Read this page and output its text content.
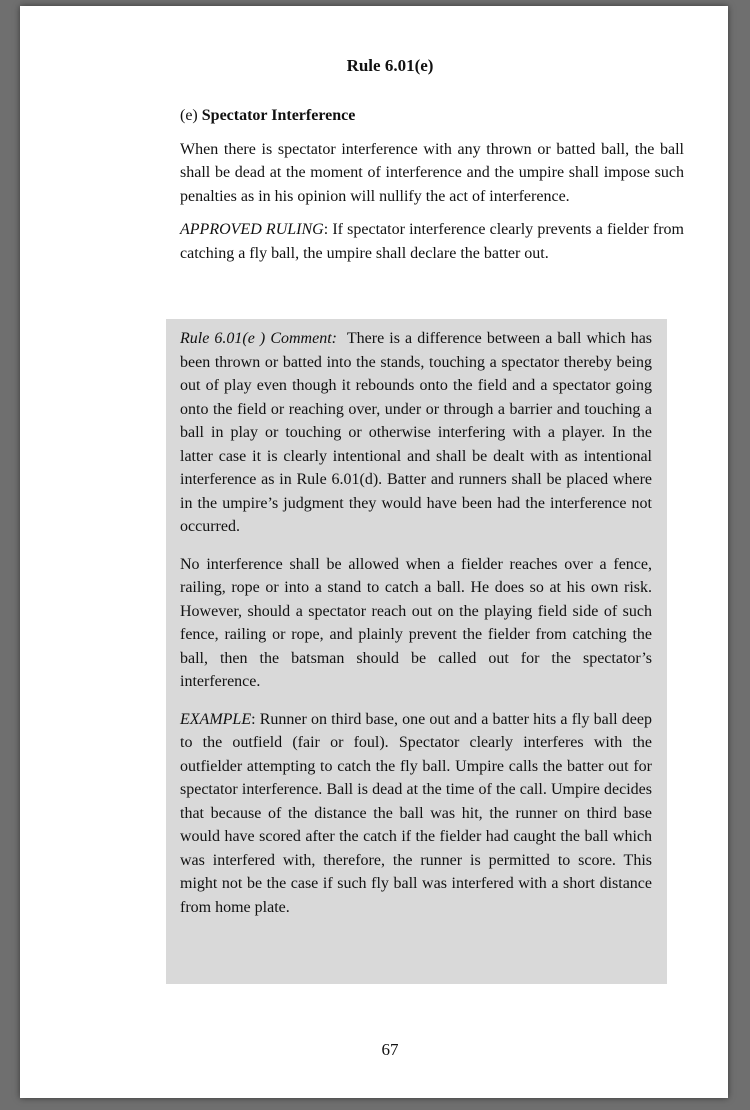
Rule 6.01(e)
(e) Spectator Interference

When there is spectator interference with any thrown or batted ball, the ball shall be dead at the moment of interference and the umpire shall impose such penalties as in his opinion will nullify the act of interference.

APPROVED RULING: If spectator interference clearly prevents a fielder from catching a fly ball, the umpire shall declare the batter out.

Rule 6.01(e ) Comment: There is a difference between a ball which has been thrown or batted into the stands, touching a spectator thereby being out of play even though it rebounds onto the field and a spectator going onto the field or reaching over, under or through a barrier and touching a ball in play or touching or otherwise interfering with a player. In the latter case it is clearly intentional and shall be dealt with as intentional interference as in Rule 6.01(d). Batter and runners shall be placed where in the umpire’s judgment they would have been had the interference not occurred.

No interference shall be allowed when a fielder reaches over a fence, railing, rope or into a stand to catch a ball. He does so at his own risk. However, should a spectator reach out on the playing field side of such fence, railing or rope, and plainly prevent the fielder from catching the ball, then the batsman should be called out for the spectator’s interference.

EXAMPLE: Runner on third base, one out and a batter hits a fly ball deep to the outfield (fair or foul). Spectator clearly interferes with the outfielder attempting to catch the fly ball. Umpire calls the batter out for spectator interference. Ball is dead at the time of the call. Umpire decides that because of the distance the ball was hit, the runner on third base would have scored after the catch if the fielder had caught the ball which was interfered with, therefore, the runner is permitted to score. This might not be the case if such fly ball was interfered with a short distance from home plate.

67
